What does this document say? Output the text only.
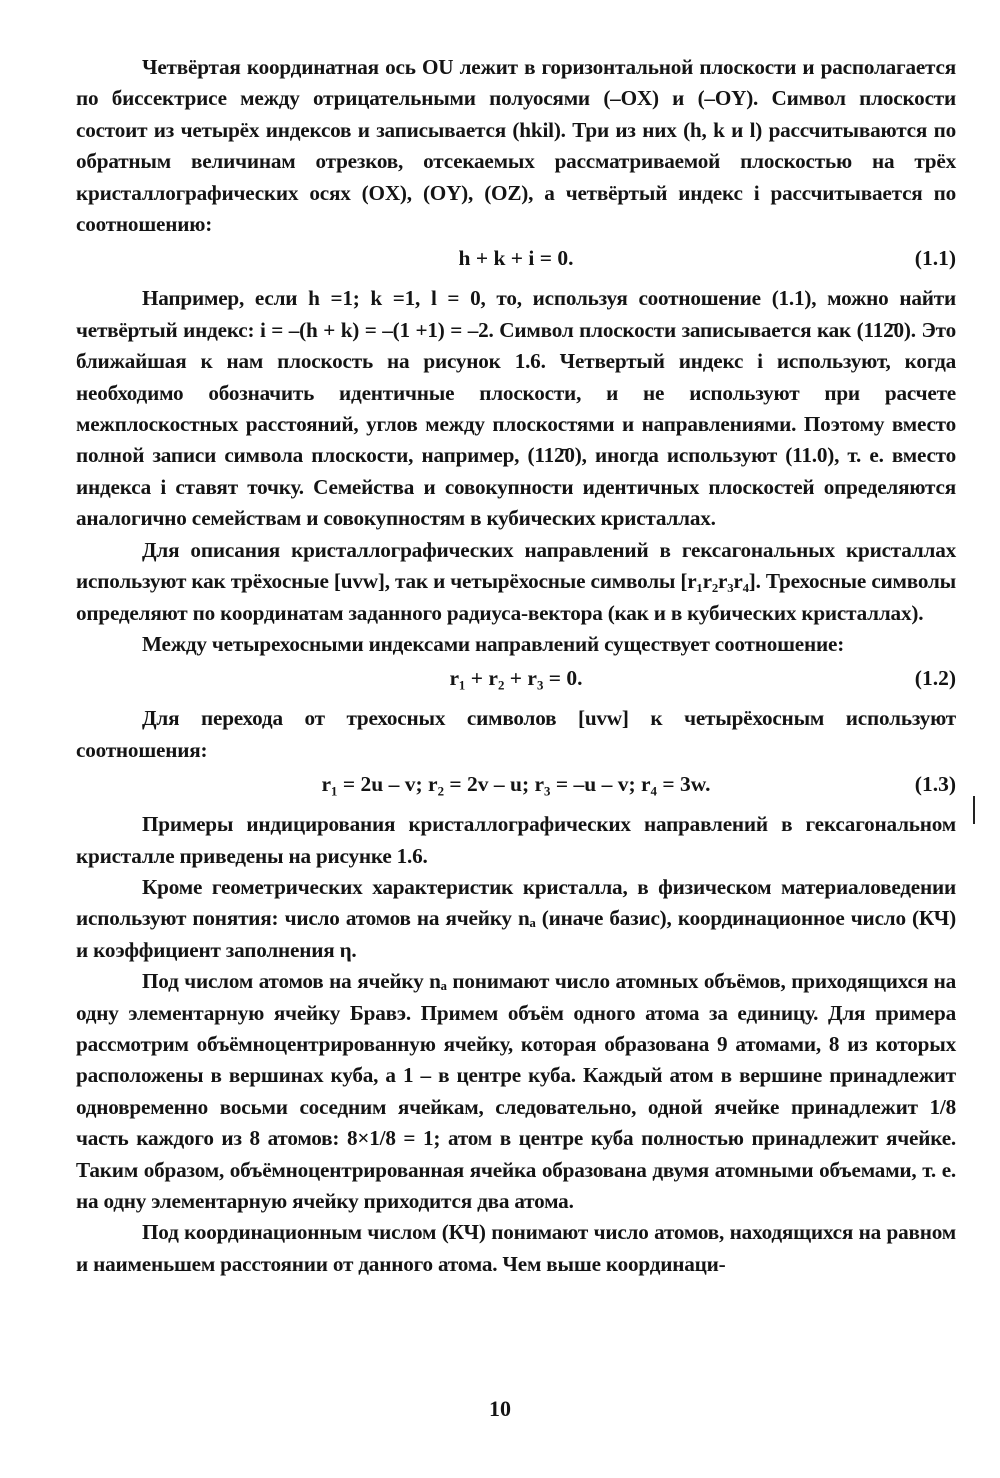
Четвёртая координатная ось OU лежит в горизонтальной плоскости и располагается по биссектрисе между отрицательными полуосями (–OX) и (–OY). Символ плоскости состоит из четырёх индексов и записывается (hkil). Три из них (h, k и l) рассчитываются по обратным величинам отрезков, отсекаемых рассматриваемой плоскостью на трёх кристаллографических осях (OX), (OY), (OZ), а четвёртый индекс i рассчитывается по соотношению:

h + k + i = 0.	(1.1)

Например, если h =1; k =1, l = 0, то, используя соотношение (1.1), можно найти четвёртый индекс: i = –(h + k) = –(1 +1) = –2. Символ плоскости записывается как (112̄0). Это ближайшая к нам плоскость на рисунок 1.6. Четвертый индекс i используют, когда необходимо обозначить идентичные плоскости, и не используют при расчете межплоскостных расстояний, углов между плоскостями и направлениями. Поэтому вместо полной записи символа плоскости, например, (112̄0), иногда используют (11.0), т. е. вместо индекса i ставят точку. Семейства и совокупности идентичных плоскостей определяются аналогично семействам и совокупностям в кубических кристаллах.

Для описания кристаллографических направлений в гексагональных кристаллах используют как трёхосные [uvw], так и четырёхосные символы [r₁r₂r₃r₄]. Трехосные символы определяют по координатам заданного радиуса-вектора (как и в кубических кристаллах).

Между четырехосными индексами направлений существует соотношение:

r₁ + r₂ + r₃ = 0.	(1.2)

Для перехода от трехосных символов [uvw] к четырёхосным используют соотношения:

r₁ = 2u – v; r₂ = 2v – u; r₃ = –u – v; r₄ = 3w.	(1.3)

Примеры индицирования кристаллографических направлений в гексагональном кристалле приведены на рисунке 1.6.

Кроме геометрических характеристик кристалла, в физическом материаловедении используют понятия: число атомов на ячейку nₐ (иначе базис), координационное число (КЧ) и коэффициент заполнения η.

Под числом атомов на ячейку nₐ понимают число атомных объёмов, приходящихся на одну элементарную ячейку Бравэ. Примем объём одного атома за единицу. Для примера рассмотрим объёмноцентрированную ячейку, которая образована 9 атомами, 8 из которых расположены в вершинах куба, а 1 – в центре куба. Каждый атом в вершине принадлежит одновременно восьми соседним ячейкам, следовательно, одной ячейке принадлежит 1/8 часть каждого из 8 атомов: 8×1/8 = 1; атом в центре куба полностью принадлежит ячейке. Таким образом, объёмноцентрированная ячейка образована двумя атомными объемами, т. е. на одну элементарную ячейку приходится два атома.

Под координационным числом (КЧ) понимают число атомов, находящихся на равном и наименьшем расстоянии от данного атома. Чем выше координаци-

10
